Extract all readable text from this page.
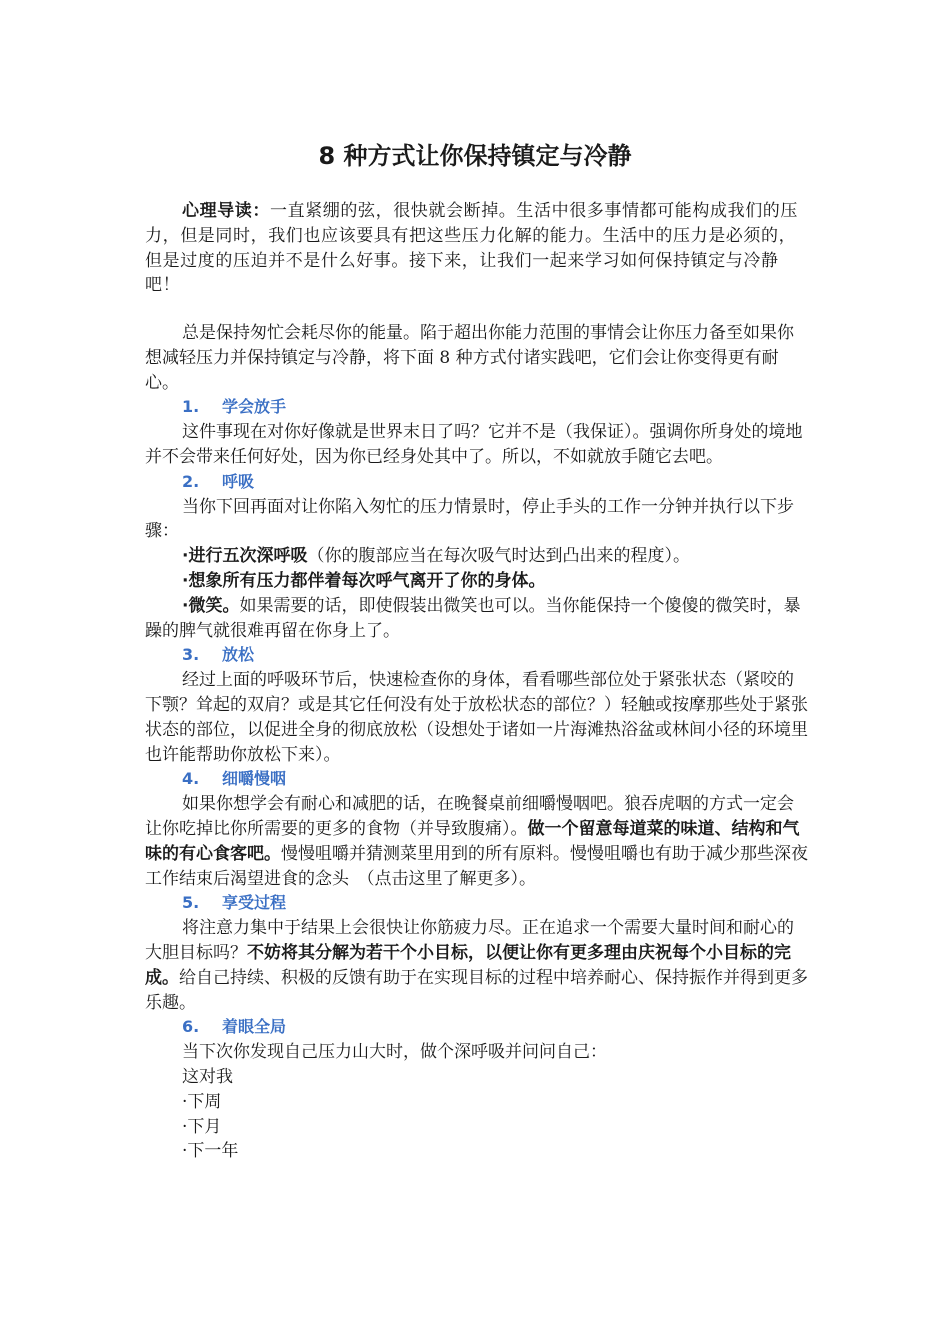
8 种方式让你保持镇定与冷静

心理导读：一直紧绷的弦，很快就会断掉。生活中很多事情都可能构成我们的压力，但是同时，我们也应该要具有把这些压力化解的能力。生活中的压力是必须的，但是过度的压迫并不是什么好事。接下来，让我们一起来学习如何保持镇定与冷静吧！

总是保持匆忙会耗尽你的能量。陷于超出你能力范围的事情会让你压力备至如果你想减轻压力并保持镇定与冷静，将下面 8 种方式付诸实践吧，它们会让你变得更有耐心。

1. 学会放手

这件事现在对你好像就是世界末日了吗？它并不是（我保证）。强调你所身处的境地并不会带来任何好处，因为你已经身处其中了。所以，不如就放手随它去吧。

2. 呼吸

当你下回再面对让你陷入匆忙的压力情景时，停止手头的工作一分钟并执行以下步骤：

·进行五次深呼吸（你的腹部应当在每次吸气时达到凸出来的程度）。

·想象所有压力都伴着每次呼气离开了你的身体。

·微笑。如果需要的话，即使假装出微笑也可以。当你能保持一个傻傻的微笑时，暴躁的脾气就很难再留在你身上了。

3. 放松

经过上面的呼吸环节后，快速检查你的身体，看看哪些部位处于紧张状态（紧咬的下颚？耸起的双肩？或是其它任何没有处于放松状态的部位？）轻触或按摩那些处于紧张状态的部位，以促进全身的彻底放松（设想处于诸如一片海滩热浴盆或林间小径的环境里也许能帮助你放松下来）。

4. 细嚼慢咽

如果你想学会有耐心和减肥的话，在晚餐桌前细嚼慢咽吧。狼吞虎咽的方式一定会让你吃掉比你所需要的更多的食物（并导致腹痛）。做一个留意每道菜的味道、结构和气味的有心食客吧。慢慢咀嚼并猜测菜里用到的所有原料。慢慢咀嚼也有助于减少那些深夜工作结束后渴望进食的念头　（点击这里了解更多）。

5. 享受过程

将注意力集中于结果上会很快让你筋疲力尽。正在追求一个需要大量时间和耐心的大胆目标吗？不妨将其分解为若干个小目标，以便让你有更多理由庆祝每个小目标的完成。给自己持续、积极的反馈有助于在实现目标的过程中培养耐心、保持振作并得到更多乐趣。

6. 着眼全局

当下次你发现自己压力山大时，做个深呼吸并问问自己：

这对我

·下周

·下月

·下一年
